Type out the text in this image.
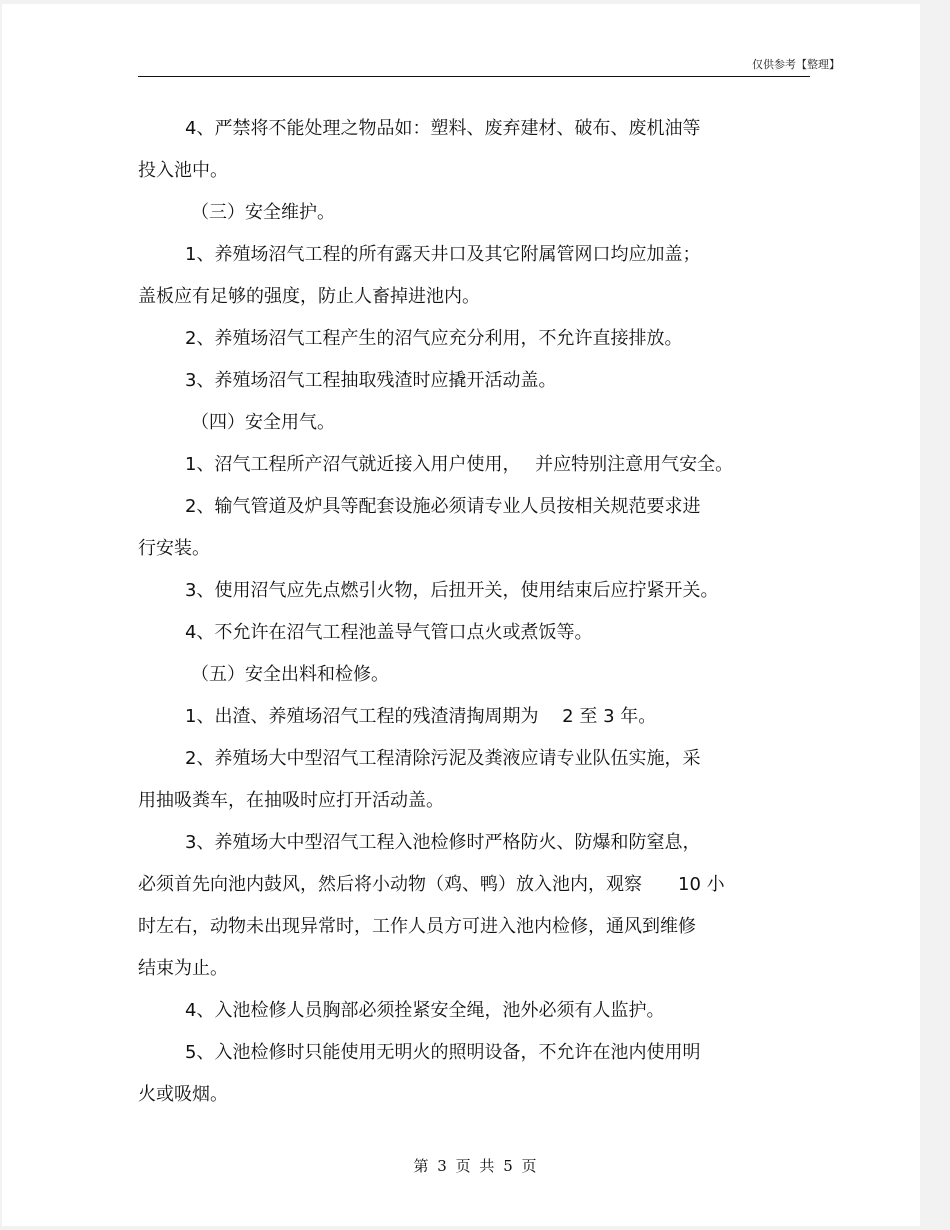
仅供参考【整理】
4、严禁将不能处理之物品如：塑料、废弃建材、破布、废机油等
投入池中。
（三）安全维护。
1、养殖场沼气工程的所有露天井口及其它附属管网口均应加盖；
盖板应有足够的强度，防止人畜掉进池内。
2、养殖场沼气工程产生的沼气应充分利用，不允许直接排放。
3、养殖场沼气工程抽取残渣时应撬开活动盖。
（四）安全用气。
1、沼气工程所产沼气就近接入用户使用，　 并应特别注意用气安全。
2、输气管道及炉具等配套设施必须请专业人员按相关规范要求进
行安装。
3、使用沼气应先点燃引火物，后扭开关，使用结束后应拧紧开关。
4、不允许在沼气工程池盖导气管口点火或煮饭等。
（五）安全出料和检修。
1、出渣、养殖场沼气工程的残渣清掏周期为　 2 至 3 年。
2、养殖场大中型沼气工程清除污泥及粪液应请专业队伍实施，采
用抽吸粪车，在抽吸时应打开活动盖。
3、养殖场大中型沼气工程入池检修时严格防火、防爆和防窒息，
必须首先向池内鼓风，然后将小动物（鸡、鸭）放入池内，观察　　10 小
时左右，动物未出现异常时，工作人员方可进入池内检修，通风到维修
结束为止。
4、入池检修人员胸部必须拴紧安全绳，池外必须有人监护。
5、入池检修时只能使用无明火的照明设备，不允许在池内使用明
火或吸烟。
第 3 页 共 5 页
